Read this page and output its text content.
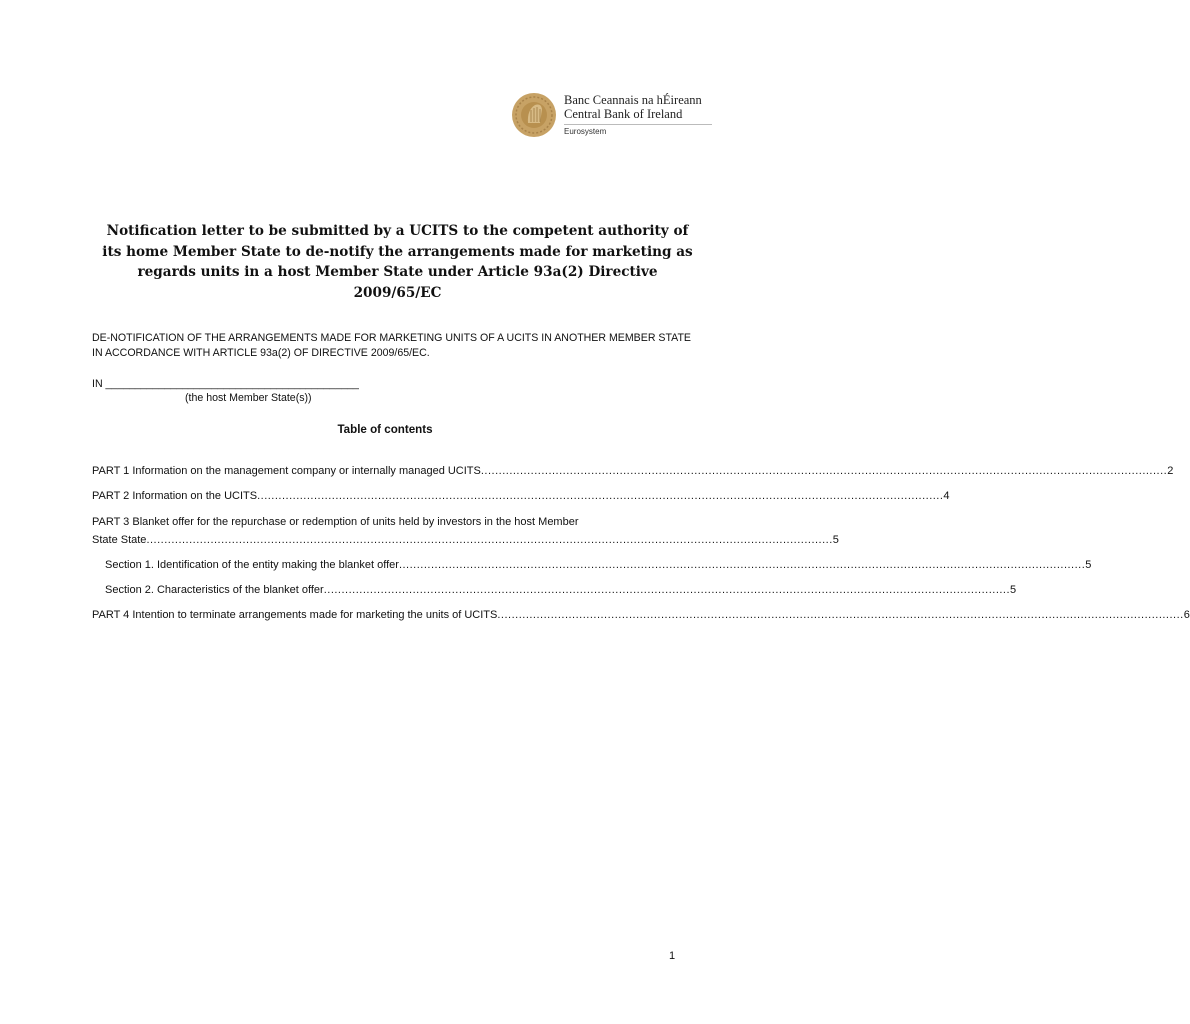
Banc Ceannais na hÉireann
Central Bank of Ireland
Eurosystem
Notification letter to be submitted by a UCITS to the competent authority of its home Member State to de-notify the arrangements made for marketing as regards units in a host Member State under Article 93a(2) Directive 2009/65/EC
DE-NOTIFICATION OF THE ARRANGEMENTS MADE FOR MARKETING UNITS OF A UCITS IN ANOTHER MEMBER STATE IN ACCORDANCE WITH ARTICLE 93a(2) OF DIRECTIVE 2009/65/EC.
IN ___________________________________________
(the host Member State(s))
Table of contents
PART 1 Information on the management company or internally managed UCITS ................................................................................................................................................................................................. 2
PART 2 Information on the UCITS ................................................................................................................................................................................................. 4
PART 3 Blanket offer for the repurchase or redemption of units held by investors in the host Member
State State ................................................................................................................................................................................................. 5
Section 1. Identification of the entity making the blanket offer ................................................................................................................................................................................................. 5
Section 2. Characteristics of the blanket offer ................................................................................................................................................................................................. 5
PART 4 Intention to terminate arrangements made for marketing the units of UCITS ................................................................................................................................................................................................. 6
1
